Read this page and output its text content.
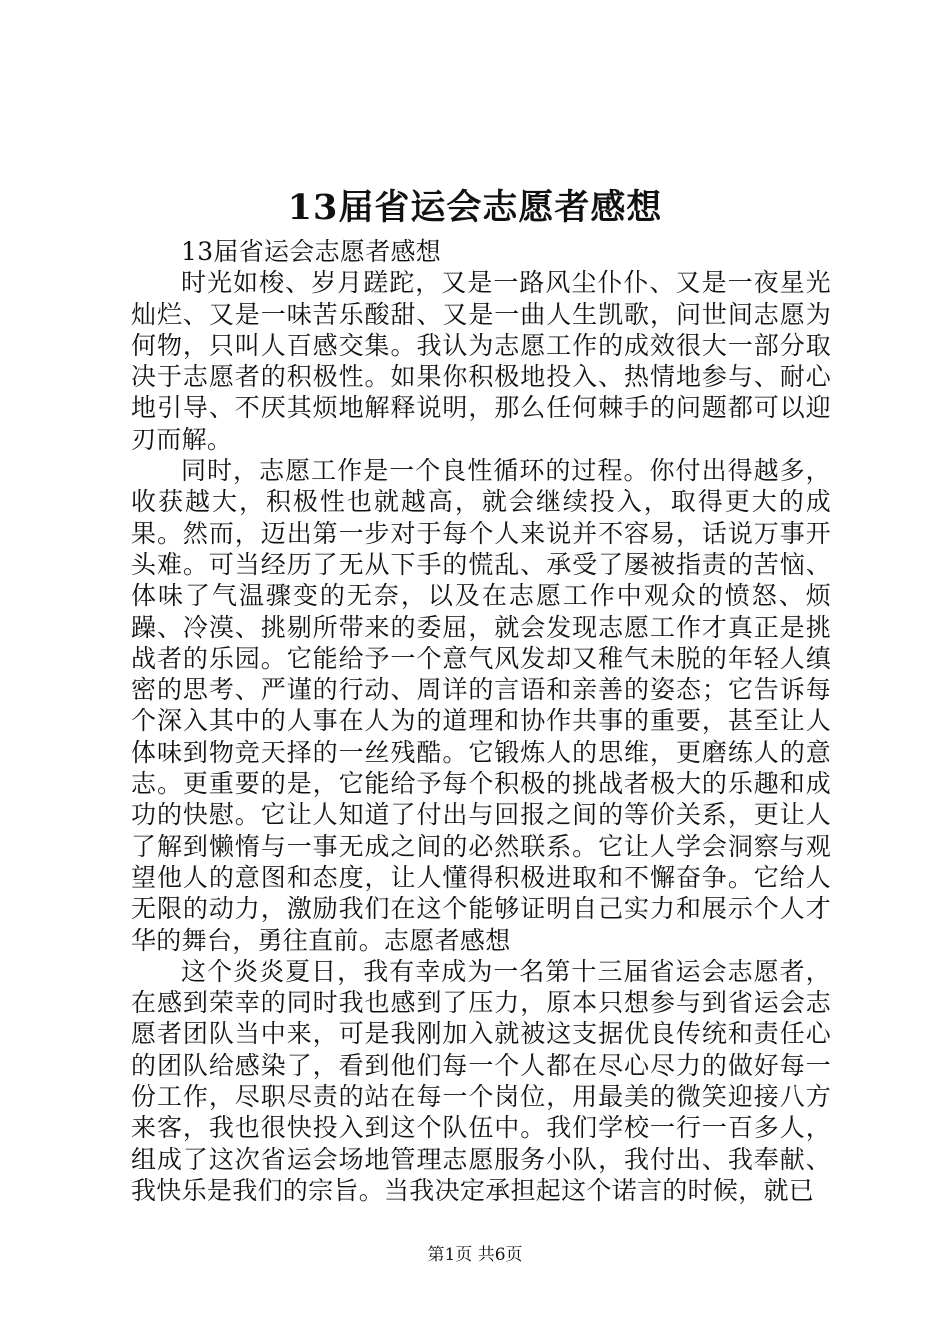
13届省运会志愿者感想

13届省运会志愿者感想

时光如梭、岁月蹉跎，又是一路风尘仆仆、又是一夜星光灿烂、又是一味苦乐酸甜、又是一曲人生凯歌，问世间志愿为何物，只叫人百感交集。我认为志愿工作的成效很大一部分取决于志愿者的积极性。如果你积极地投入、热情地参与、耐心地引导、不厌其烦地解释说明，那么任何棘手的问题都可以迎刃而解。

同时，志愿工作是一个良性循环的过程。你付出得越多，收获越大，积极性也就越高，就会继续投入，取得更大的成果。然而，迈出第一步对于每个人来说并不容易，话说万事开头难。可当经历了无从下手的慌乱、承受了屡被指责的苦恼、体味了气温骤变的无奈，以及在志愿工作中观众的愤怒、烦躁、冷漠、挑剔所带来的委屈，就会发现志愿工作才真正是挑战者的乐园。它能给予一个意气风发却又稚气未脱的年轻人缜密的思考、严谨的行动、周详的言语和亲善的姿态；它告诉每个深入其中的人事在人为的道理和协作共事的重要，甚至让人体味到物竞天择的一丝残酷。它锻炼人的思维，更磨练人的意志。更重要的是，它能给予每个积极的挑战者极大的乐趣和成功的快慰。它让人知道了付出与回报之间的等价关系，更让人了解到懒惰与一事无成之间的必然联系。它让人学会洞察与观望他人的意图和态度，让人懂得积极进取和不懈奋争。它给人无限的动力，激励我们在这个能够证明自己实力和展示个人才华的舞台，勇往直前。志愿者感想

这个炎炎夏日，我有幸成为一名第十三届省运会志愿者，在感到荣幸的同时我也感到了压力，原本只想参与到省运会志愿者团队当中来，可是我刚加入就被这支据优良传统和责任心的团队给感染了，看到他们每一个人都在尽心尽力的做好每一份工作，尽职尽责的站在每一个岗位，用最美的微笑迎接八方来客，我也很快投入到这个队伍中。我们学校一行一百多人，组成了这次省运会场地管理志愿服务小队，我付出、我奉献、我快乐是我们的宗旨。当我决定承担起这个诺言的时候，就已

第1页 共6页
